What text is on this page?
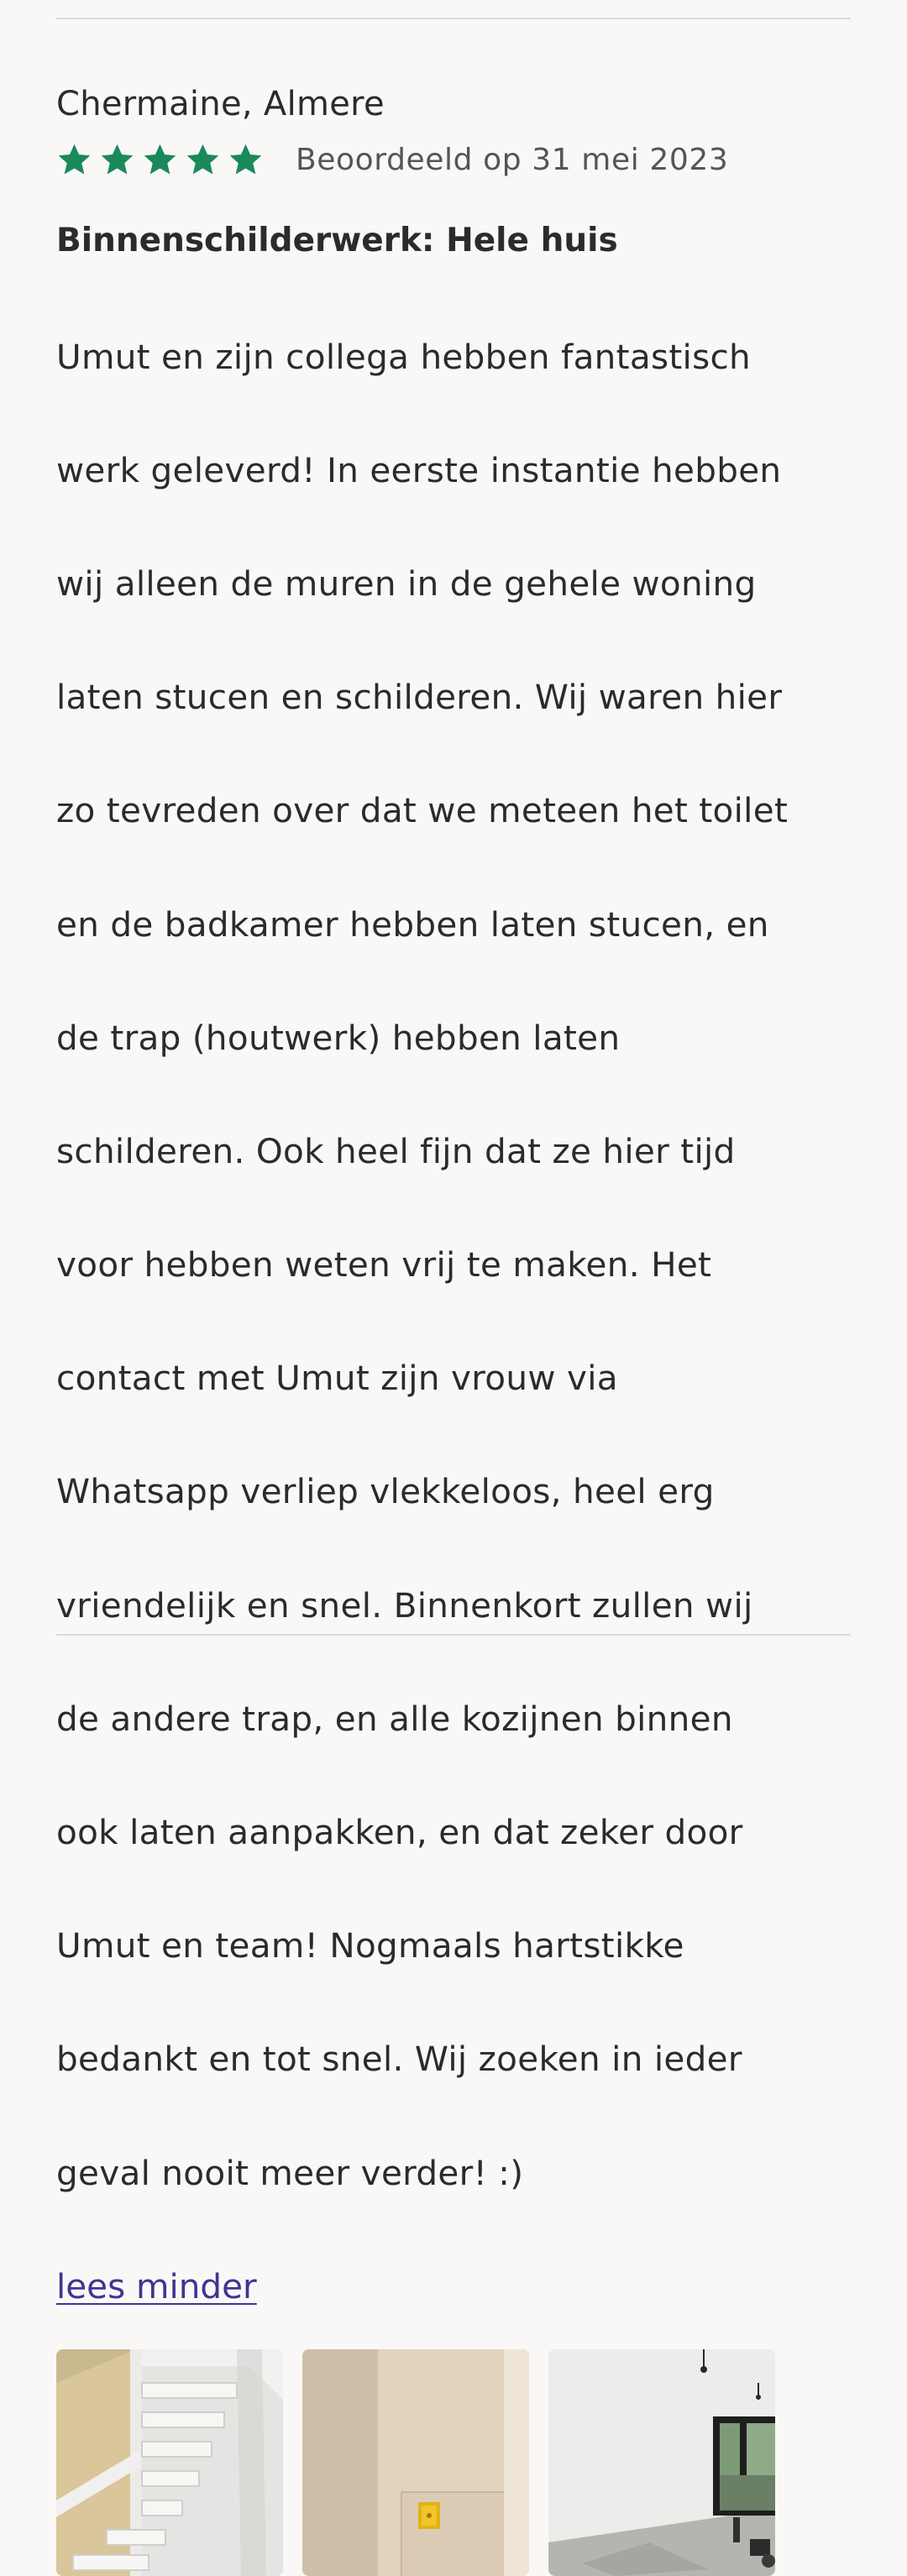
Chermaine, Almere

Beoordeeld op 31 mei 2023
Binnenschilderwerk: Hele huis

Umut en zijn collega hebben fantastisch

werk geleverd! In eerste instantie hebben

wij alleen de muren in de gehele woning

laten stucen en schilderen. Wij waren hier

zo tevreden over dat we meteen het toilet

en de badkamer hebben laten stucen, en

de trap (houtwerk) hebben laten

schilderen. Ook heel fijn dat ze hier tijd

voor hebben weten vrij te maken. Het

contact met Umut zijn vrouw via

Whatsapp verliep vlekkeloos, heel erg

vriendelijk en snel. Binnenkort zullen wij

de andere trap, en alle kozijnen binnen

ook laten aanpakken, en dat zeker door

Umut en team! Nogmaals hartstikke

bedankt en tot snel. Wij zoeken in ieder

geval nooit meer verder! :)

lees minder
